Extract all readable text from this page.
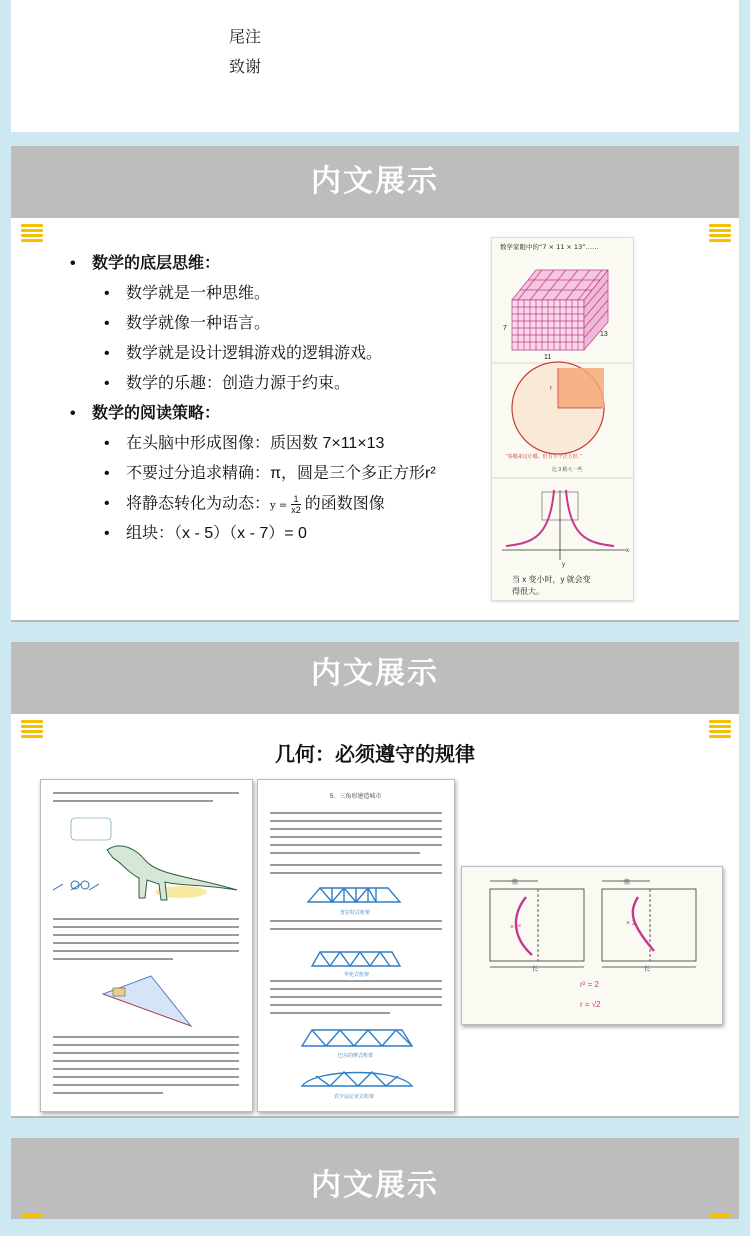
尾注
致谢
内文展示
• 数学的底层思维：
• 数学就是一种思维。
• 数学就像一种语言。
• 数学就是设计逻辑游戏的逻辑游戏。
• 数学的乐趣：创造力源于约束。
• 数学的阅读策略：
• 在头脑中形成图像：质因数 7×11×13
• 不要过分追求精确：π，圆是三个多正方形r²
• 将静态转化为动态：$y = \frac{1}{x2}$ 的函数图像
• 组块：（x - 5）（x - 7）= 0
数学家眼中的“7 × 11 × 13”……
7
11
13
r
“春哪来这计哪，但有半个正方形。”
比 3 稍大一些
x
y
当 x 变小时，y 就会变
得很大。
内文展示
几何：必须遵守的规律
5．三角形建造城市
普拉特式桁架
华伦式桁架
巴尔的摩式桁架
宾夕法尼亚式桁架
一船	一船
长	长
× r²
× 2
r² = 2
r = √2
内文展示
